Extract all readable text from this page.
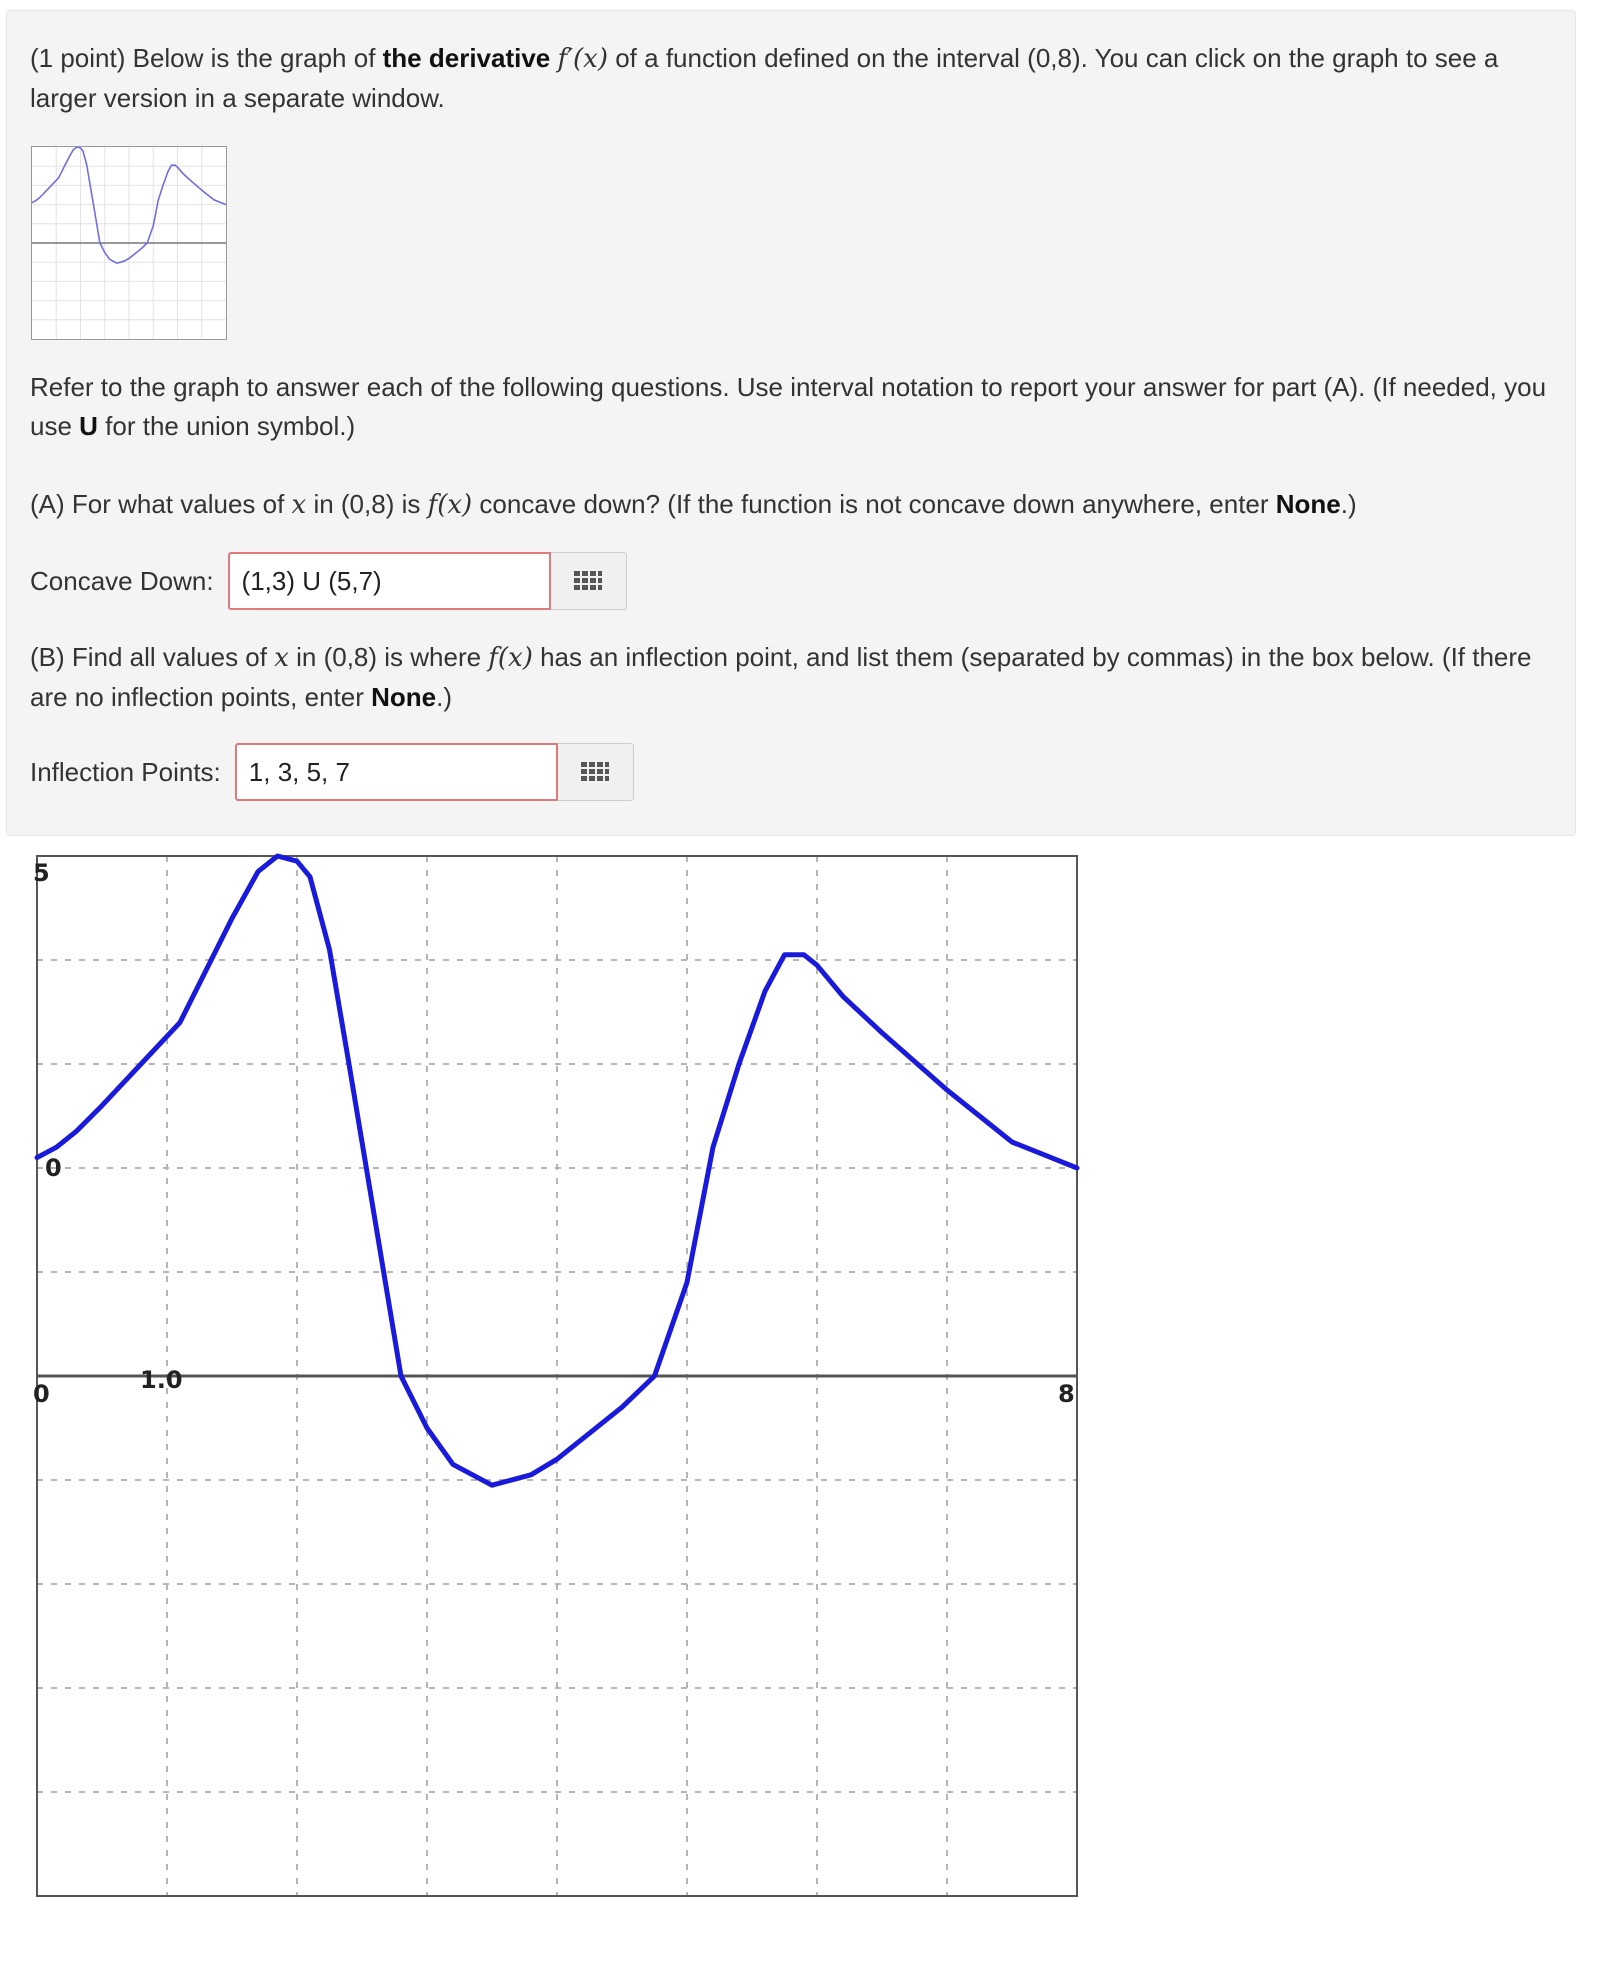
(1 point) Below is the graph of the derivative f′(x) of a function defined on the interval (0,8). You can click on the graph to see a larger version in a separate window.
Refer to the graph to answer each of the following questions. Use interval notation to report your answer for part (A). (If needed, you use U for the union symbol.)
(A) For what values of x in (0,8) is f(x) concave down? (If the function is not concave down anywhere, enter None.)
Concave Down: (1,3) U (5,7)
(B) Find all values of x in (0,8) is where f(x) has an inflection point, and list them (separated by commas) in the box below. (If there are no inflection points, enter None.)
Inflection Points: 1, 3, 5, 7
5
0
0	1.0	8
